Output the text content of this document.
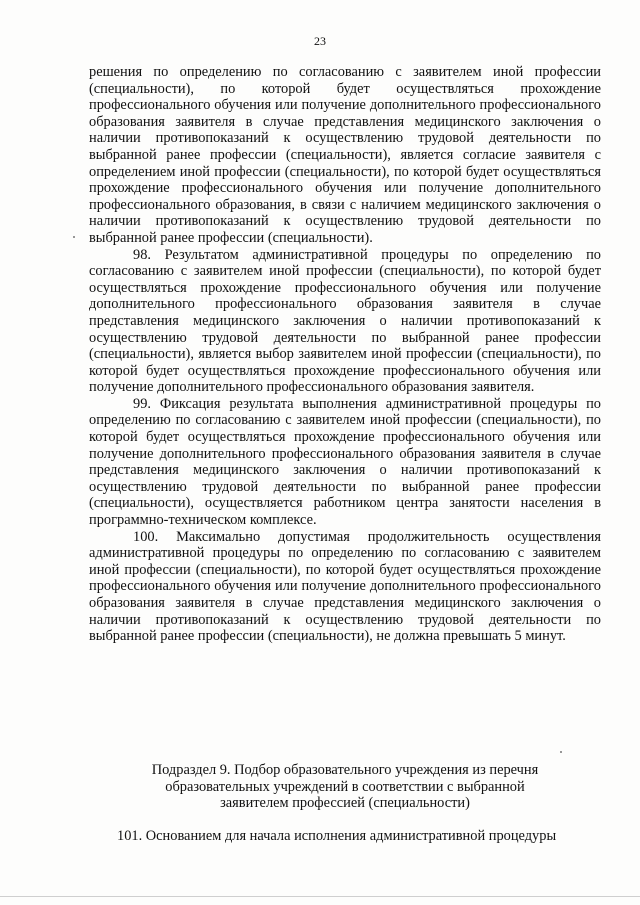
23

решения по определению по согласованию с заявителем иной профессии (специальности), по которой будет осуществляться прохождение профессионального обучения или получение дополнительного профессионального образования заявителя в случае представления медицинского заключения о наличии противопоказаний к осуществлению трудовой деятельности по выбранной ранее профессии (специальности), является согласие заявителя с определением иной профессии (специальности), по которой будет осуществляться прохождение профессионального обучения или получение дополнительного профессионального образования, в связи с наличием медицинского заключения о наличии противопоказаний к осуществлению трудовой деятельности по выбранной ранее профессии (специальности).

98. Результатом административной процедуры по определению по согласованию с заявителем иной профессии (специальности), по которой будет осуществляться прохождение профессионального обучения или получение дополнительного профессионального образования заявителя в случае представления медицинского заключения о наличии противопоказаний к осуществлению трудовой деятельности по выбранной ранее профессии (специальности), является выбор заявителем иной профессии (специальности), по которой будет осуществляться прохождение профессионального обучения или получение дополнительного профессионального образования заявителя.

99. Фиксация результата выполнения административной процедуры по определению по согласованию с заявителем иной профессии (специальности), по которой будет осуществляться прохождение профессионального обучения или получение дополнительного профессионального образования заявителя в случае представления медицинского заключения о наличии противопоказаний к осуществлению трудовой деятельности по выбранной ранее профессии (специальности), осуществляется работником центра занятости населения в программно-техническом комплексе.

100. Максимально допустимая продолжительность осуществления административной процедуры по определению по согласованию с заявителем иной профессии (специальности), по которой будет осуществляться прохождение профессионального обучения или получение дополнительного профессионального образования заявителя в случае представления медицинского заключения о наличии противопоказаний к осуществлению трудовой деятельности по выбранной ранее профессии (специальности), не должна превышать 5 минут.

Подраздел 9. Подбор образовательного учреждения из перечня
образовательных учреждений в соответствии с выбранной
заявителем профессией (специальности)
101. Основанием для начала исполнения административной процедуры
